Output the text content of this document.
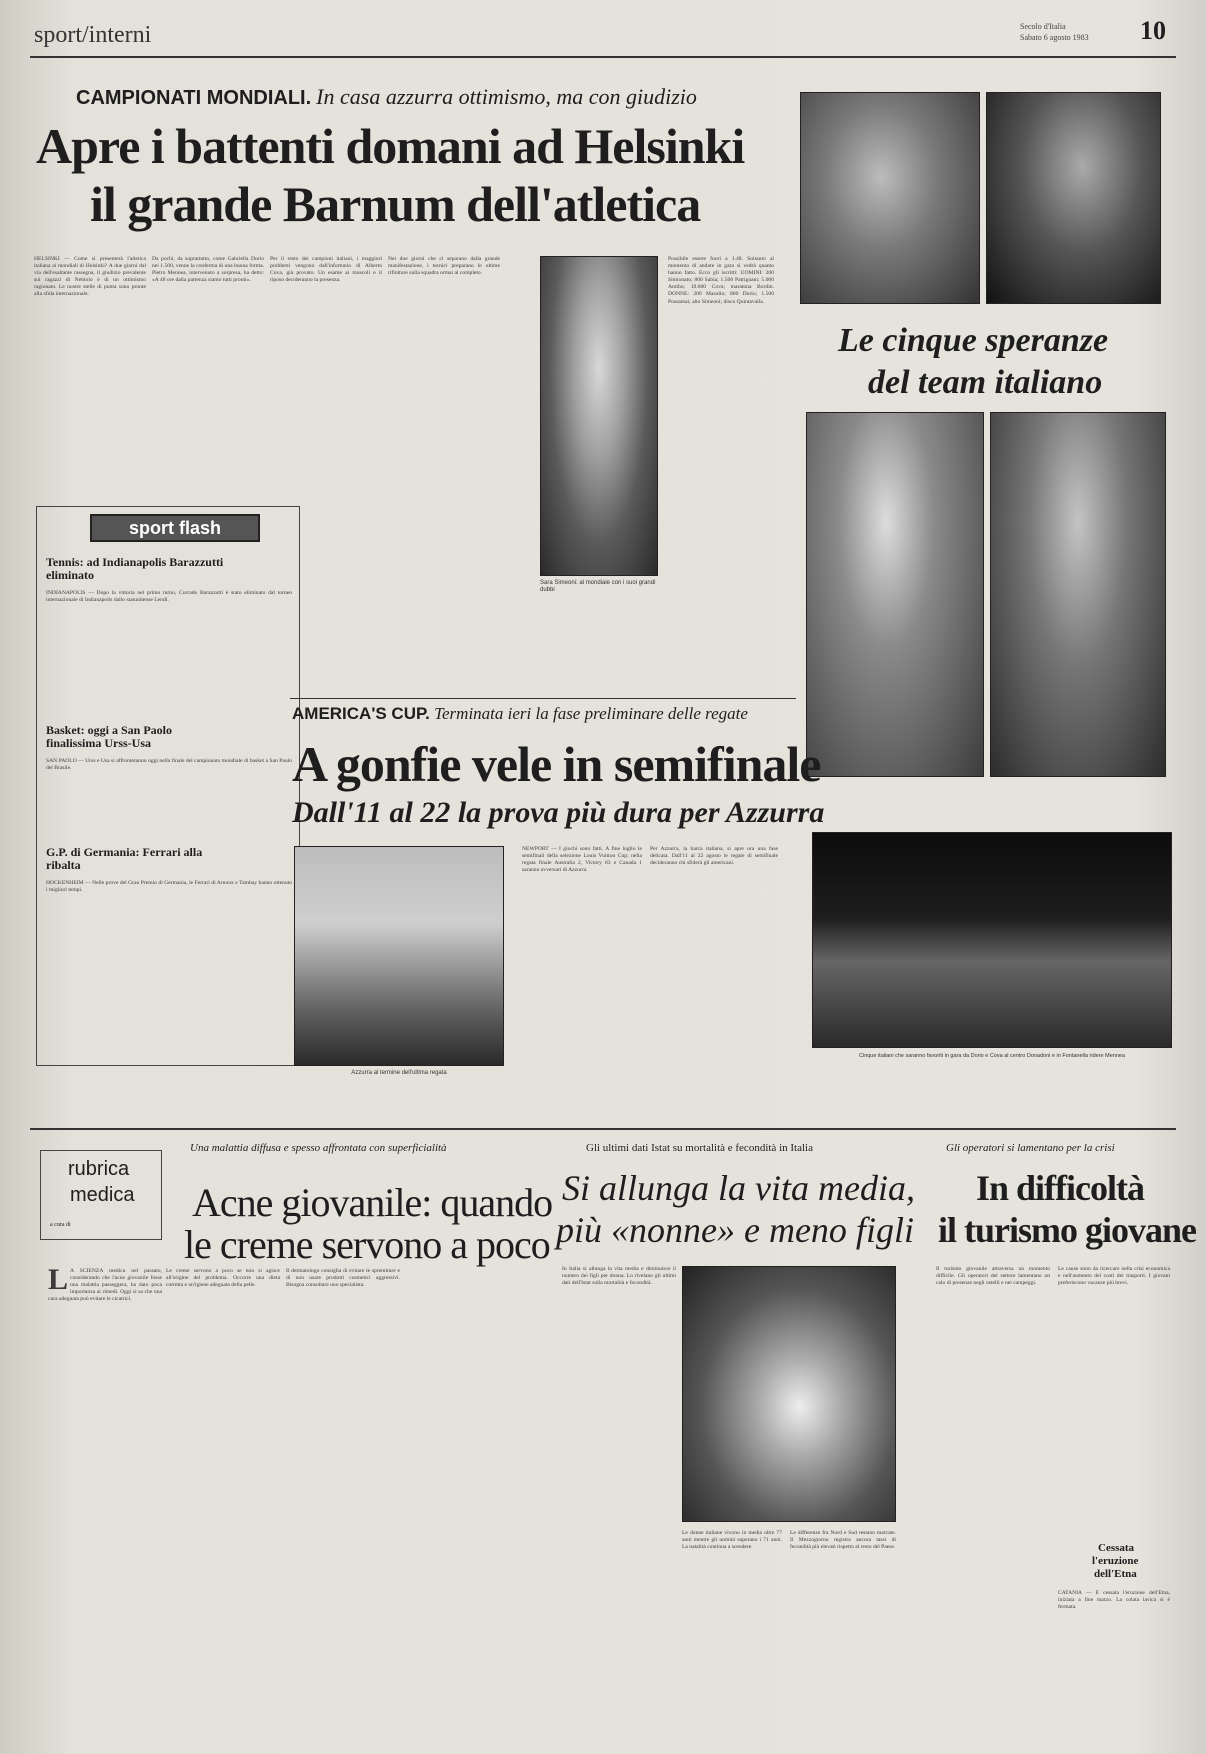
sport/interni	Secolo d'Italia
Sabato 6 agosto 1983 10
CAMPIONATI MONDIALI. In casa azzurra ottimismo, ma con giudizio
Apre i battenti domani ad Helsinki
il grande Barnum dell'atletica
HELSINKI — Come si presenterà l'atletica italiana ai mondiali di Helsinki? A due giorni dal via dell'esaltante rassegna, il giudizio prevalente sui ragazzi di Nebiolo è di un ottimismo ragionato. Le nostre stelle di punta sono pronte alla sfida internazionale.
Da pochi, da soprattutto, come Gabriella Dorio nei 1.500, venne la conferma di una buona forma. Pietro Mennea, intervenuto a sorpresa, ha detto: «A 48 ore dalla partenza siamo tutti pronti».
Per il resto dei campioni italiani, i maggiori problemi vengono dall'infortunio di Alberto Cova, già provato. Un esame ai muscoli e il riposo decideranno la presenza.
Nei due giorni che ci separano dalla grande manifestazione, i tecnici preparano le ultime rifiniture sulla squadra ormai al completo.
Sara Simeoni: al mondiale con i suoi grandi dubbi
Possibile essere fuori a 1.48. Soltanto al momento di andare in gara si vedrà quanto hanno fatto. Ecco gli iscritti: UOMINI: 200 Simionato; 800 Sabia; 1.500 Patrignani; 5.000 Antibo; 10.000 Cova; maratona Bordin. DONNE: 200 Masullo; 800 Dorio; 1.500 Possamai; alto Simeoni; disco Quintavalla.
Le cinque speranze
del team italiano
Cinque italiani che saranno favoriti in gara da Dorio e Cova al centro Donadoni e in Fontanella ridere Mennea
sport flash
Tennis: ad Indianapolis Barazzutti eliminato
INDIANAPOLIS — Dopo la vittoria nel primo turno, Corrado Barazzutti è stato eliminato dal torneo internazionale di Indianapolis dallo statunitense Lendl.
Basket: oggi a San Paolo finalissima Urss-Usa
SAN PAOLO — Urss e Usa si affronteranno oggi nella finale del campionato mondiale di basket a San Paolo del Brasile.
G.P. di Germania: Ferrari alla ribalta
HOCKENHEIM — Nelle prove del Gran Premio di Germania, le Ferrari di Arnoux e Tambay hanno ottenuto i migliori tempi.
AMERICA'S CUP. Terminata ieri la fase preliminare delle regate
A gonfie vele in semifinale
Dall'11 al 22 la prova più dura per Azzurra
Azzurra al termine dell'ultima regata
NEWPORT — I giochi sono fatti. A fine luglio le semifinali della selezione Louis Vuitton Cup; nella regata finale Australia 2, Victory 83 e Canada 1 saranno avversari di Azzurra.
Per Azzurra, la barca italiana, si apre ora una fase delicata. Dall'11 al 22 agosto le regate di semifinale decideranno chi sfiderà gli americani.
rubrica
medica
a cura di
Una malattia diffusa e spesso affrontata con superficialità
Acne giovanile: quando
le creme servono a poco
L A SCIENZA medica nel passato, considerando che l'acne giovanile fosse una malattia passeggera, ha dato poca importanza ai rimedi. Oggi si sa che una cura adeguata può evitare le cicatrici.
Le creme servono a poco se non si agisce all'origine del problema. Occorre una dieta corretta e un'igiene adeguata della pelle.
Il dermatologo consiglia di evitare le spremiture e di non usare prodotti cosmetici aggressivi. Bisogna consultare uno specialista.
Gli ultimi dati Istat su mortalità e fecondità in Italia
Si allunga la vita media,
più «nonne» e meno figli
In Italia si allunga la vita media e diminuisce il numero dei figli per donna. Lo rivelano gli ultimi dati dell'Istat sulla mortalità e fecondità.
Le donne italiane vivono in media oltre 77 anni mentre gli uomini superano i 71 anni. La natalità continua a scendere.
Le differenze fra Nord e Sud restano marcate. Il Mezzogiorno registra ancora tassi di fecondità più elevati rispetto al resto del Paese.
Gli operatori si lamentano per la crisi
In difficoltà
il turismo giovane
Il turismo giovanile attraversa un momento difficile. Gli operatori del settore lamentano un calo di presenze negli ostelli e nei campeggi.
Le cause sono da ricercare nella crisi economica e nell'aumento dei costi dei trasporti. I giovani preferiscono vacanze più brevi.
Cessata
l'eruzione
dell'Etna
CATANIA — È cessata l'eruzione dell'Etna, iniziata a fine marzo. La colata lavica si è fermata.
